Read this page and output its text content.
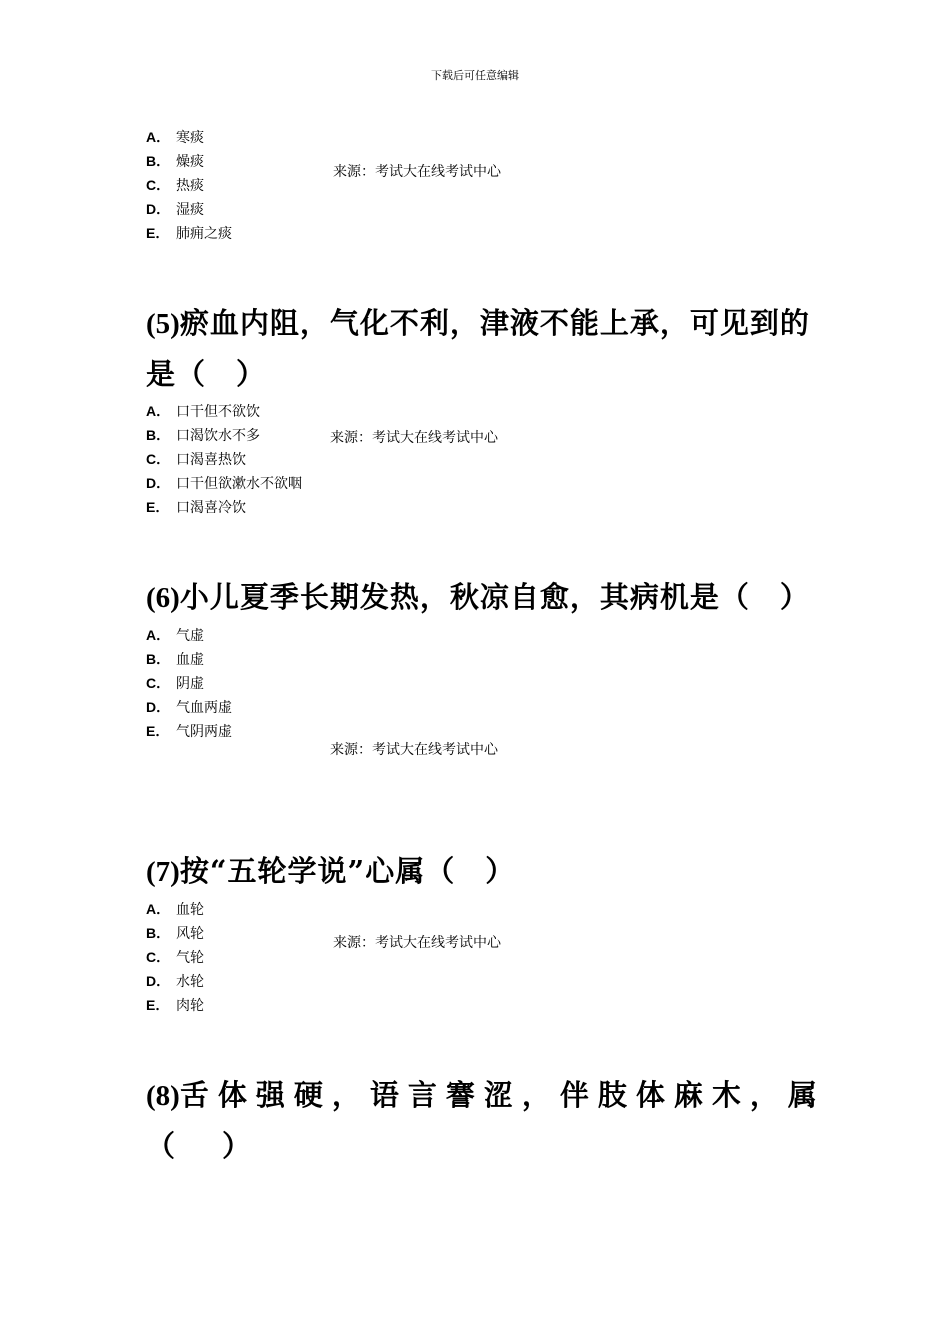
下载后可任意编辑
A． 寒痰
B． 燥痰
C． 热痰
D． 湿痰
E． 肺痈之痰
来源：考试大在线考试中心

(5)瘀血内阻，气化不利，津液不能上承，可见到的是（　）

A． 口干但不欲饮
B． 口渴饮水不多
C． 口渴喜热饮
D． 口干但欲漱水不欲咽
E． 口渴喜冷饮
来源：考试大在线考试中心

(6)小儿夏季长期发热，秋凉自愈，其病机是（　）

A． 气虚
B． 血虚
C． 阴虚
D． 气血两虚
E． 气阴两虚
来源：考试大在线考试中心

(7)按“五轮学说”心属（　）

A． 血轮
B． 风轮
C． 气轮
D． 水轮
E． 肉轮
来源：考试大在线考试中心

(8)舌体强硬，语言謇涩，伴肢体麻木，属（　）
